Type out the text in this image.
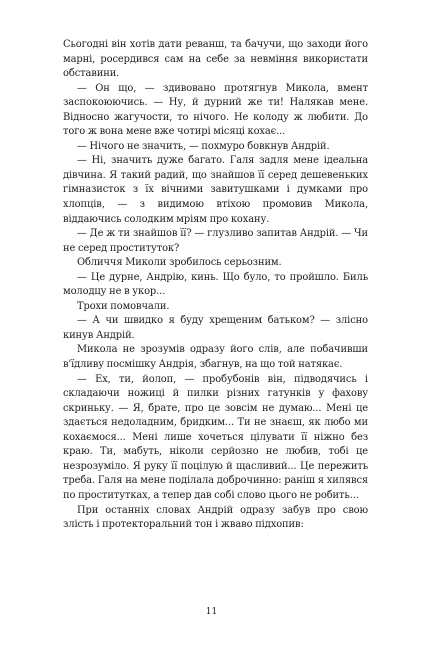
Сьогодні він хотів дати реванш, та бачучи, що заходи його марні, росердився сам на себе за невміння використати обставини.

— Он що, — здивовано протягнув Микола, вмент заспокоюючись. — Ну, й дурний же ти! Налякав мене. Відносно жагучости, то нічого. Не колоду ж любити. До того ж вона мене вже чотирі місяці кохає...

— Нічого не значить, — похмуро бовкнув Андрій.

— Ні, значить дуже багато. Галя задля мене ідеальна дівчина. Я такий радий, що знайшов її серед дешевеньких гімназисток з їх вічними завитушками і думками про хлопців, — з видимою втіхою промовив Микола, віддаючись солодким мріям про кохану.

— Де ж ти знайшов її? — глузливо запитав Андрій. — Чи не серед проституток?

Обличчя Миколи зробилось серьозним.

— Це дурне, Андрію, кинь. Що було, то пройшло. Биль молодцу не в укор...

Трохи помовчали.

— А чи швидко я буду хрещеним батьком? — злісно кинув Андрій.

Микола не зрозумів одразу його слів, але побачивши в'їдливу посмішку Андрія, збагнув, на що той натякає.

— Ех, ти, йолоп, — пробубонів він, підводячись і складаючи ножиці й пилки різних гатунків у фахову скриньку. — Я, брате, про це зовсім не думаю... Мені це здається недоладним, бридким... Ти не знаєш, як любо ми кохаємося... Мені лише хочеться цілувати її ніжно без краю. Ти, мабуть, ніколи серйозно не любив, тобі це незрозуміло. Я руку її поцілую й щасливий... Це пережить треба. Галя на мене поділала доброчинно: раніш я хилявся по проститутках, а тепер дав собі слово цього не робить...

При останніх словах Андрій одразу забув про свою злість і протекторальний тон і жваво підхопив:

11
